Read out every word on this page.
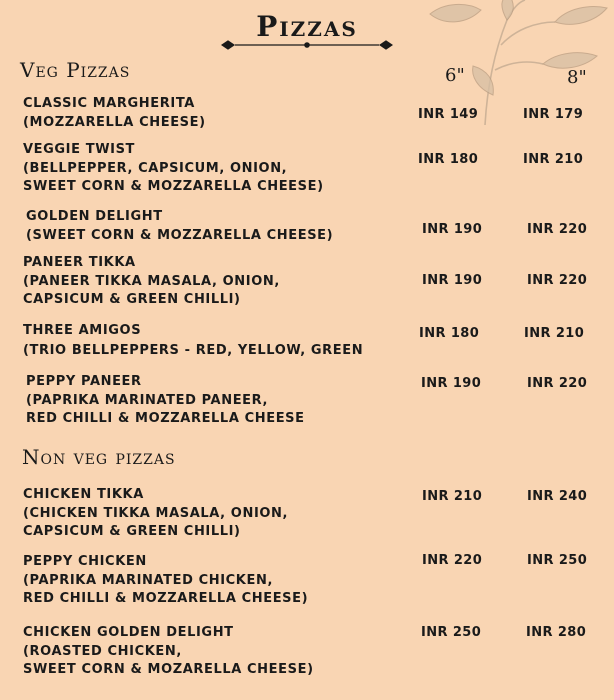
Pizzas
Veg Pizzas	6"	8"
CLASSIC MARGHERITA
(MOZZARELLA CHEESE)	INR 149	INR 179
VEGGIE TWIST
(BELLPEPPER, CAPSICUM, ONION,
SWEET CORN & MOZZARELLA CHEESE)
INR 180	INR 210
GOLDEN DELIGHT
(SWEET CORN & MOZZARELLA CHEESE)	INR 190	INR 220
PANEER TIKKA
(PANEER TIKKA MASALA, ONION,
CAPSICUM & GREEN CHILLI)
INR 190	INR 220
THREE AMIGOS
(TRIO BELLPEPPERS - RED, YELLOW, GREEN
INR 180	INR 210
PEPPY PANEER
(PAPRIKA MARINATED PANEER,
RED CHILLI & MOZZARELLA CHEESE
INR 190	INR 220
Non veg pizzas
CHICKEN TIKKA
(CHICKEN TIKKA MASALA, ONION,
CAPSICUM & GREEN CHILLI)
INR 210	INR 240
PEPPY CHICKEN
(PAPRIKA MARINATED CHICKEN,
RED CHILLI & MOZZARELLA CHEESE)
INR 220	INR 250
CHICKEN GOLDEN DELIGHT
(ROASTED CHICKEN,
SWEET CORN & MOZARELLA CHEESE)
INR 250	INR 280
